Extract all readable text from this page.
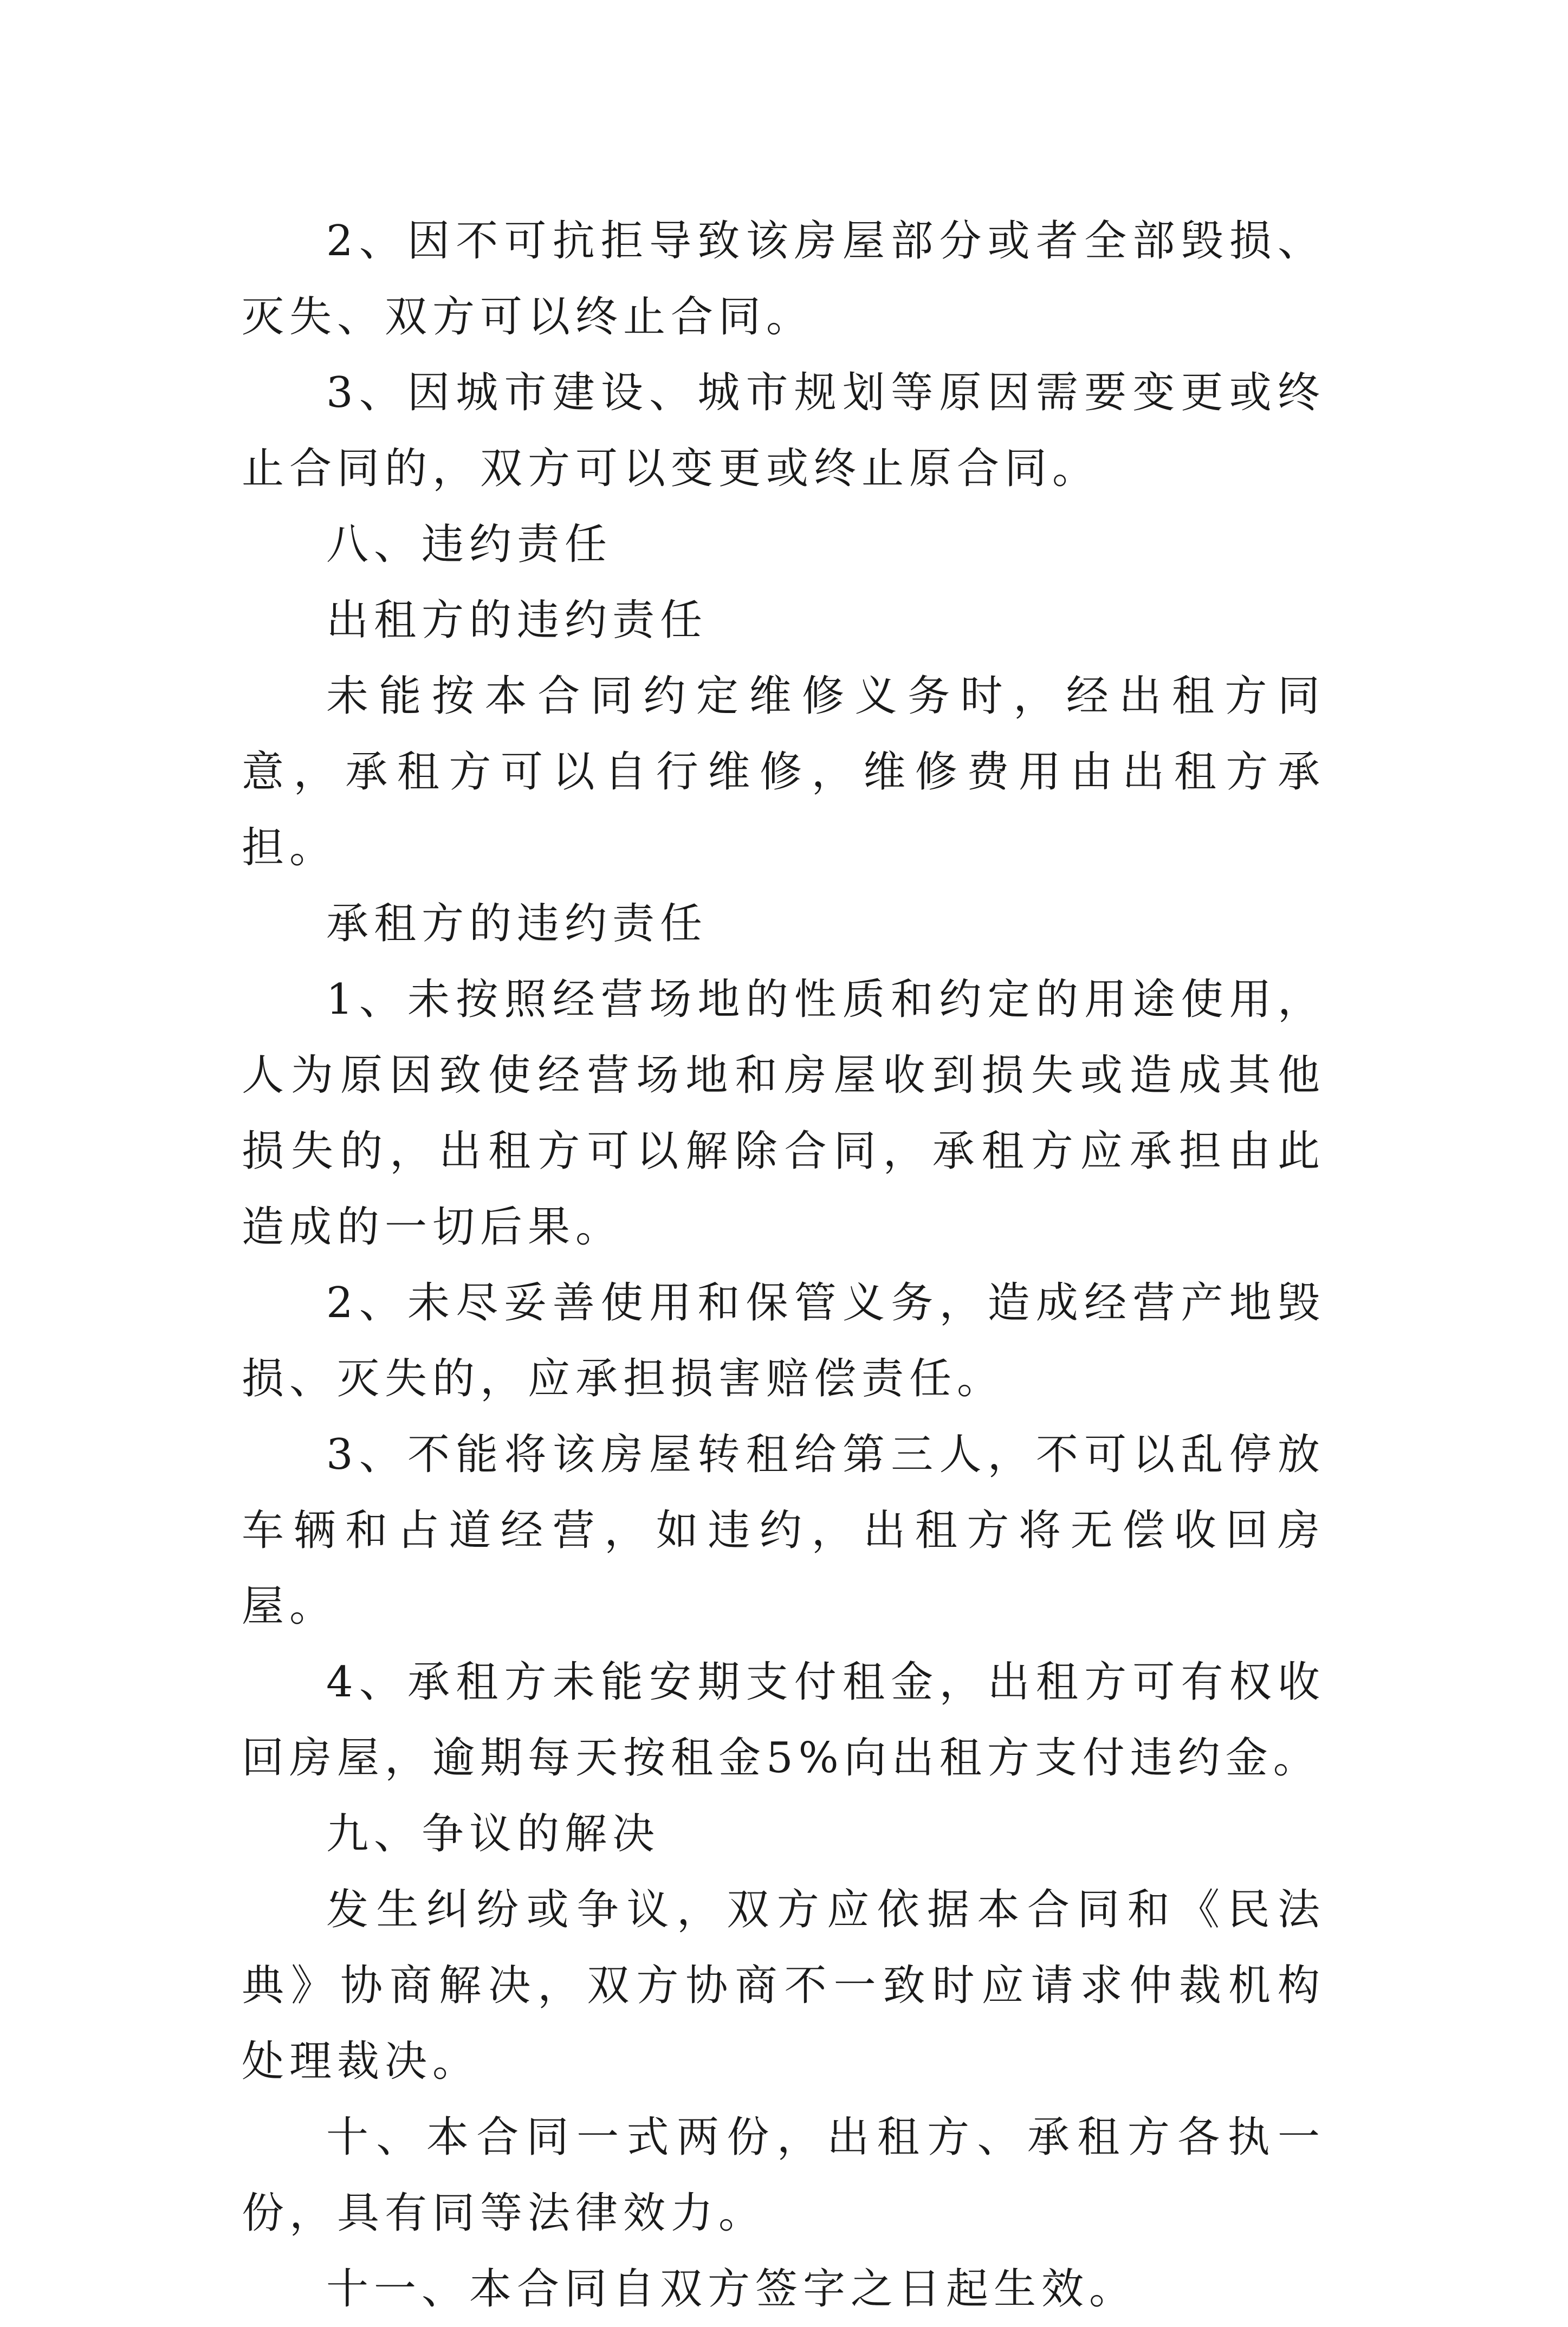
2、因不可抗拒导致该房屋部分或者全部毁损、灭失、双方可以终止合同。

3、因城市建设、城市规划等原因需要变更或终止合同的，双方可以变更或终止原合同。

八、违约责任

出租方的违约责任

未能按本合同约定维修义务时，经出租方同意，承租方可以自行维修，维修费用由出租方承担。

承租方的违约责任

1、未按照经营场地的性质和约定的用途使用，人为原因致使经营场地和房屋收到损失或造成其他损失的，出租方可以解除合同，承租方应承担由此造成的一切后果。

2、未尽妥善使用和保管义务，造成经营产地毁损、灭失的，应承担损害赔偿责任。

3、不能将该房屋转租给第三人，不可以乱停放车辆和占道经营，如违约，出租方将无偿收回房屋。

4、承租方未能安期支付租金，出租方可有权收回房屋，逾期每天按租金5%向出租方支付违约金。

九、争议的解决

发生纠纷或争议，双方应依据本合同和《民法典》协商解决，双方协商不一致时应请求仲裁机构处理裁决。

十、本合同一式两份，出租方、承租方各执一份，具有同等法律效力。

十一、本合同自双方签字之日起生效。
